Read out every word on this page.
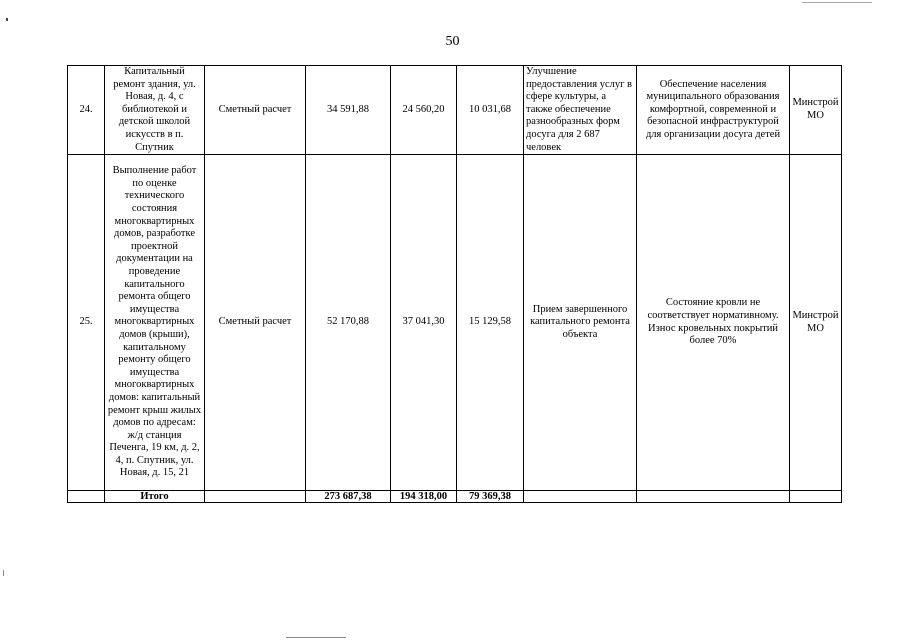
50
24.	Капитальный ремонт здания, ул. Новая, д. 4, с библиотекой и детской школой искусств в п. Спутник	Сметный расчет	34 591,88	24 560,20	10 031,68	Улучшение предоставления услуг в сфере культуры, а также обеспечение разнообразных форм досуга для 2 687 человек	Обеспечение населения муниципального образования комфортной, современной и безопасной инфраструктурой для организации досуга детей	Минстрой МО
25.	Выполнение работ по оценке технического состояния многоквартирных домов, разработке проектной документации на проведение капитального ремонта общего имущества многоквартирных домов (крыши), капитальному ремонту общего имущества многоквартирных домов: капитальный ремонт крыш жилых домов по адресам: ж/д станция Печенга, 19 км, д. 2, 4, п. Спутник, ул. Новая, д. 15, 21	Сметный расчет	52 170,88	37 041,30	15 129,58	Прием завершенного капитального ремонта объекта	Состояние кровли не соответствует нормативному. Износ кровельных покрытий более 70%	Минстрой МО
	Итого		273 687,38	194 318,00	79 369,38			
